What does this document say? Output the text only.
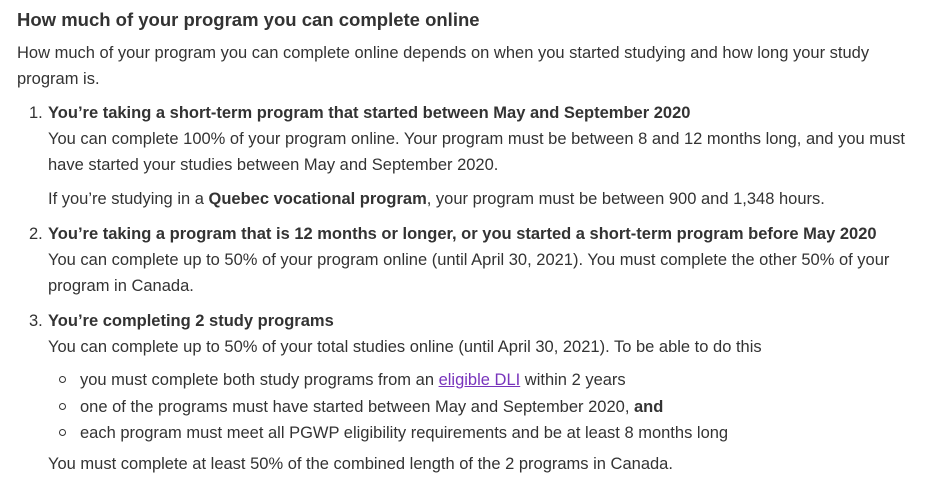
How much of your program you can complete online

How much of your program you can complete online depends on when you started studying and how long your study program is.

1. You’re taking a short-term program that started between May and September 2020
You can complete 100% of your program online. Your program must be between 8 and 12 months long, and you must have started your studies between May and September 2020.
If you’re studying in a Quebec vocational program, your program must be between 900 and 1,348 hours.
2. You’re taking a program that is 12 months or longer, or you started a short-term program before May 2020
You can complete up to 50% of your program online (until April 30, 2021). You must complete the other 50% of your program in Canada.
3. You’re completing 2 study programs
You can complete up to 50% of your total studies online (until April 30, 2021). To be able to do this
you must complete both study programs from an eligible DLI within 2 years
one of the programs must have started between May and September 2020, and
each program must meet all PGWP eligibility requirements and be at least 8 months long
You must complete at least 50% of the combined length of the 2 programs in Canada.
